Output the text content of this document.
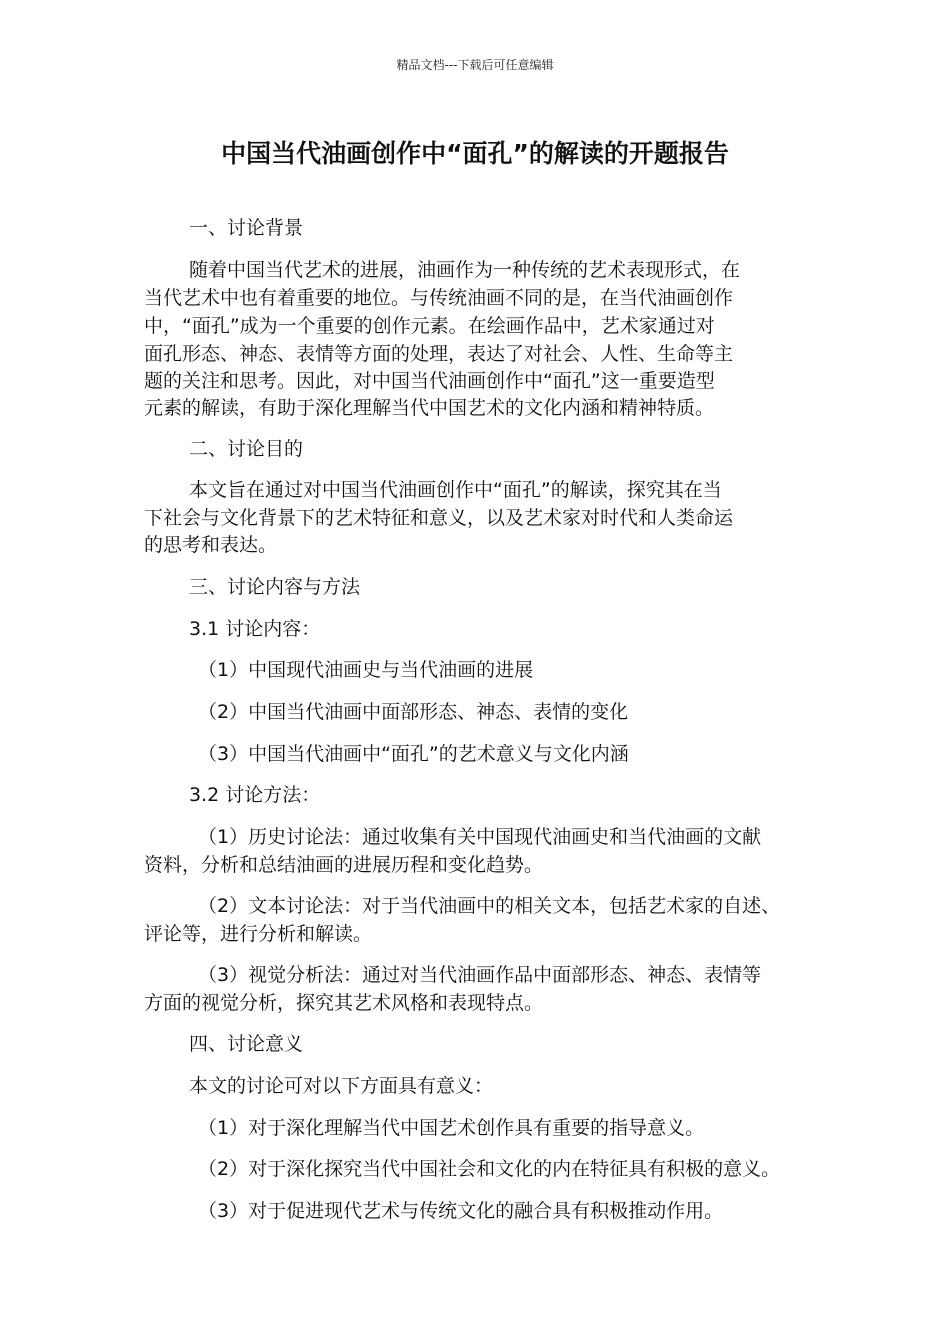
精品文档---下载后可任意编辑
中国当代油画创作中“面孔”的解读的开题报告

一、讨论背景

随着中国当代艺术的进展，油画作为一种传统的艺术表现形式，在

当代艺术中也有着重要的地位。与传统油画不同的是，在当代油画创作

中，“面孔”成为一个重要的创作元素。在绘画作品中，艺术家通过对

面孔形态、神态、表情等方面的处理，表达了对社会、人性、生命等主

题的关注和思考。因此，对中国当代油画创作中“面孔”这一重要造型

元素的解读，有助于深化理解当代中国艺术的文化内涵和精神特质。

二、讨论目的

本文旨在通过对中国当代油画创作中“面孔”的解读，探究其在当

下社会与文化背景下的艺术特征和意义，以及艺术家对时代和人类命运

的思考和表达。

三、讨论内容与方法

3.1 讨论内容：

（1）中国现代油画史与当代油画的进展

（2）中国当代油画中面部形态、神态、表情的变化

（3）中国当代油画中“面孔”的艺术意义与文化内涵

3.2 讨论方法：

（1）历史讨论法：通过收集有关中国现代油画史和当代油画的文献

资料，分析和总结油画的进展历程和变化趋势。

（2）文本讨论法：对于当代油画中的相关文本，包括艺术家的自述、

评论等，进行分析和解读。

（3）视觉分析法：通过对当代油画作品中面部形态、神态、表情等

方面的视觉分析，探究其艺术风格和表现特点。

四、讨论意义

本文的讨论可对以下方面具有意义：

（1）对于深化理解当代中国艺术创作具有重要的指导意义。

（2）对于深化探究当代中国社会和文化的内在特征具有积极的意义。

（3）对于促进现代艺术与传统文化的融合具有积极推动作用。
